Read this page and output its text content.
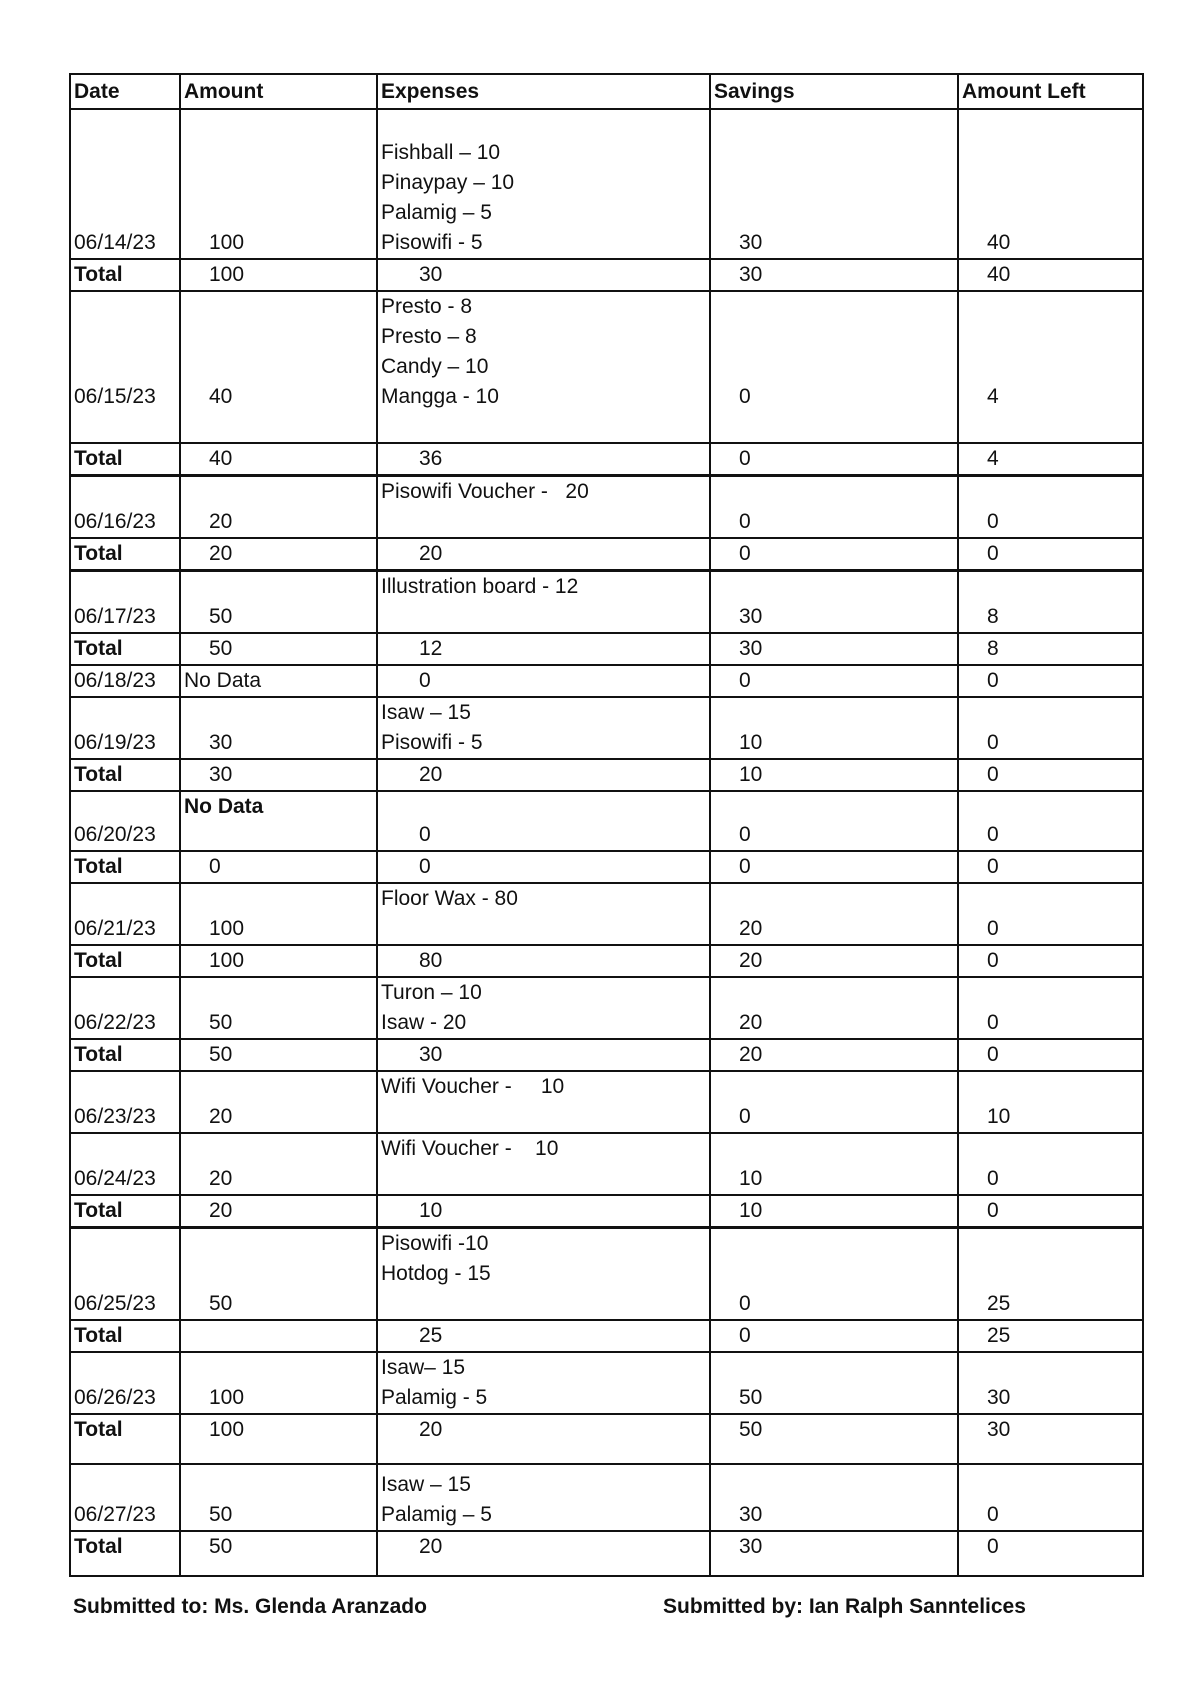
Date	Amount	Expenses	Savings	Amount Left
06/14/23	100	Fishball – 10
Pinaypay – 10
Palamig – 5
Pisowifi - 5	30	40
Total	100	30	30	40
06/15/23	40	Presto - 8
Presto – 8
Candy – 10
Mangga - 10	0	4
Total	40	36	0	4
06/16/23	20	Pisowifi Voucher -   20	0	0
Total	20	20	0	0
06/17/23	50	Illustration board - 12	30	8
Total	50	12	30	8
06/18/23	No Data	0	0	0
06/19/23	30	Isaw – 15
Pisowifi - 5	10	0
Total	30	20	10	0
06/20/23	No Data	0	0	0
Total	0	0	0	0
06/21/23	100	Floor Wax - 80	20	0
Total	100	80	20	0
06/22/23	50	Turon – 10
Isaw - 20	20	0
Total	50	30	20	0
06/23/23	20	Wifi Voucher -     10	0	10
06/24/23	20	Wifi Voucher -    10	10	0
Total	20	10	10	0
06/25/23	50	Pisowifi -10
Hotdog - 15	0	25
Total		25	0	25
06/26/23	100	Isaw– 15
Palamig - 5	50	30
Total	100	20	50	30
06/27/23	50	Isaw – 15
Palamig – 5	30	0
Total	50	20	30	0
Submitted to: Ms. Glenda Aranzado	Submitted by: Ian Ralph Sanntelices
